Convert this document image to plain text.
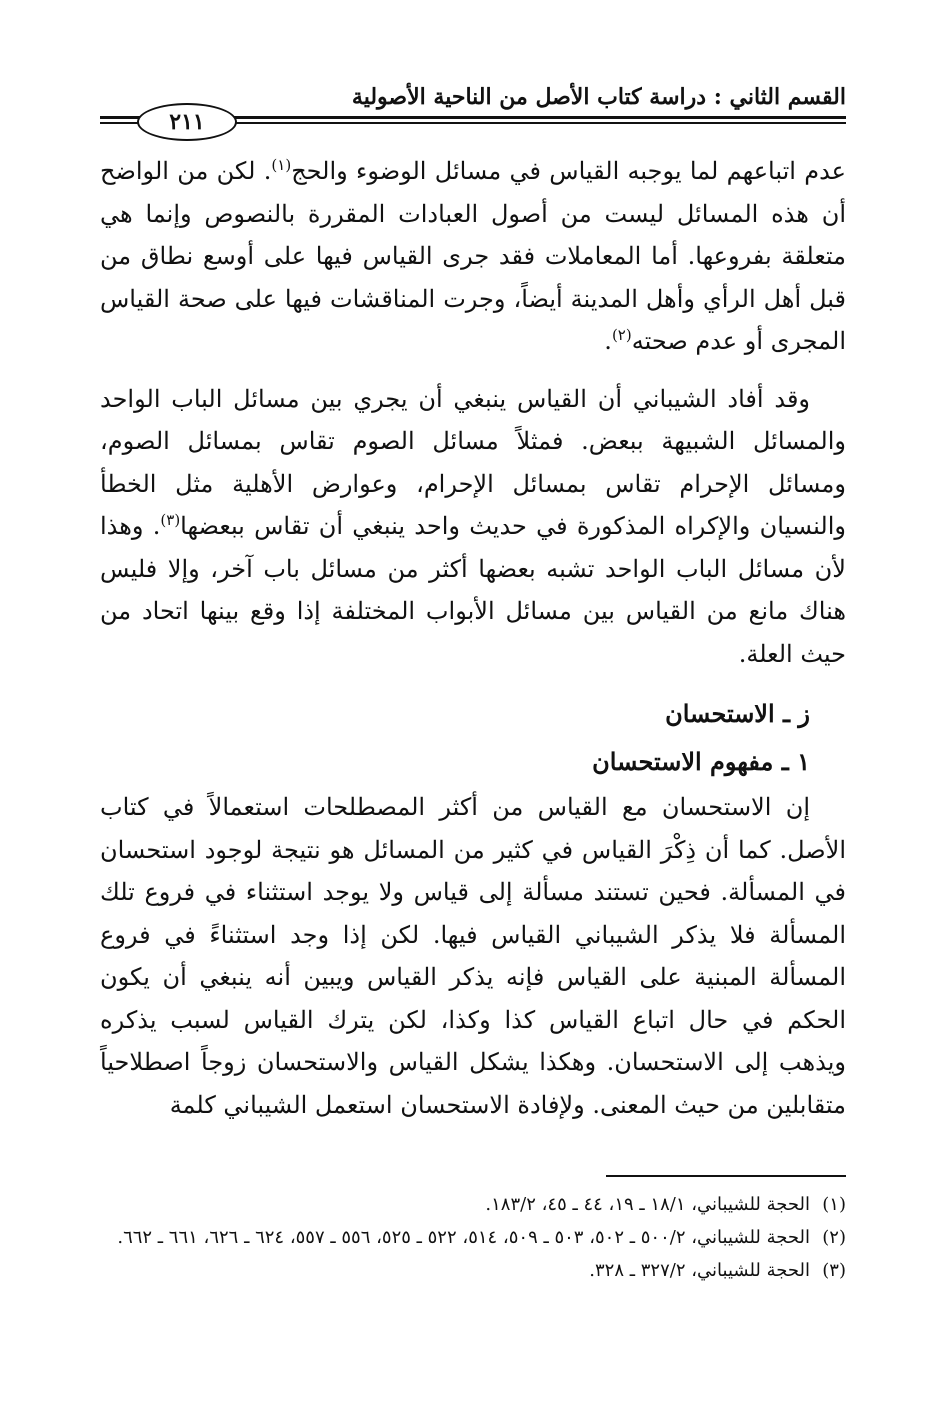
القسم الثاني : دراسة كتاب الأصل من الناحية الأصولية
٢١١

عدم اتباعهم لما يوجبه القياس في مسائل الوضوء والحج$^{(١)}$. لكن من الواضح أن هذه المسائل ليست من أصول العبادات المقررة بالنصوص وإنما هي متعلقة بفروعها. أما المعاملات فقد جرى القياس فيها على أوسع نطاق من قبل أهل الرأي وأهل المدينة أيضاً، وجرت المناقشات فيها على صحة القياس المجرى أو عدم صحته$^{(٢)}$.

وقد أفاد الشيباني أن القياس ينبغي أن يجري بين مسائل الباب الواحد والمسائل الشبيهة ببعض. فمثلاً مسائل الصوم تقاس بمسائل الصوم، ومسائل الإحرام تقاس بمسائل الإحرام، وعوارض الأهلية مثل الخطأ والنسيان والإكراه المذكورة في حديث واحد ينبغي أن تقاس ببعضها$^{(٣)}$. وهذا لأن مسائل الباب الواحد تشبه بعضها أكثر من مسائل باب آخر، وإلا فليس هناك مانع من القياس بين مسائل الأبواب المختلفة إذا وقع بينها اتحاد من حيث العلة.

ز ـ الاستحسان

١ ـ مفهوم الاستحسان

إن الاستحسان مع القياس من أكثر المصطلحات استعمالاً في كتاب الأصل. كما أن ذِكْرَ القياس في كثير من المسائل هو نتيجة لوجود استحسان في المسألة. فحين تستند مسألة إلى قياس ولا يوجد استثناء في فروع تلك المسألة فلا يذكر الشيباني القياس فيها. لكن إذا وجد استثناءً في فروع المسألة المبنية على القياس فإنه يذكر القياس ويبين أنه ينبغي أن يكون الحكم في حال اتباع القياس كذا وكذا، لكن يترك القياس لسبب يذكره ويذهب إلى الاستحسان. وهكذا يشكل القياس والاستحسان زوجاً اصطلاحياً متقابلين من حيث المعنى. ولإفادة الاستحسان استعمل الشيباني كلمة

(١)
الحجة للشيباني، ١٨/١ ـ ١٩، ٤٤ ـ ٤٥، ١٨٣/٢.

(٢)
الحجة للشيباني، ٥٠٠/٢ ـ ٥٠٢، ٥٠٣ ـ ٥٠٩، ٥١٤، ٥٢٢ ـ ٥٢٥، ٥٥٦ ـ ٥٥٧، ٦٢٤ ـ ٦٢٦، ٦٦١ ـ ٦٦٢.

(٣)
الحجة للشيباني، ٣٢٧/٢ ـ ٣٢٨.
